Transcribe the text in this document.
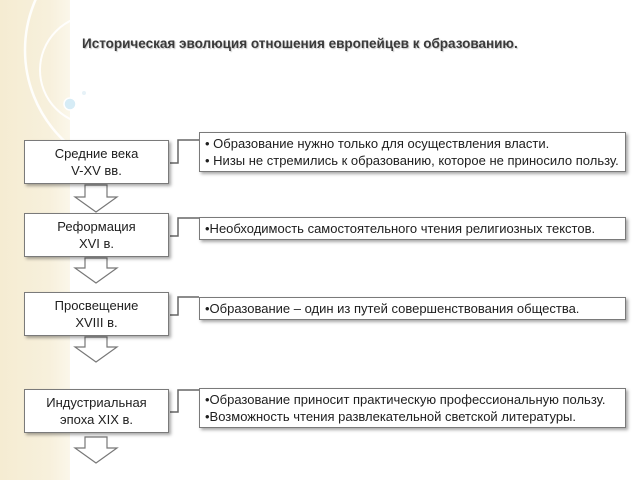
Историческая эволюция отношения европейцев к образованию.
Средние века
V-XV вв.
Реформация
XVI в.
Просвещение
XVIII в.
Индустриальная
эпоха XIX в.

• Образование нужно только для осуществления власти.

• Низы не стремились к образованию, которое не приносило пользу.

•Необходимость самостоятельного чтения религиозных текстов.

•Образование – один из путей совершенствования общества.

•Образование приносит практическую профессиональную пользу.

•Возможность чтения развлекательной светской литературы.
